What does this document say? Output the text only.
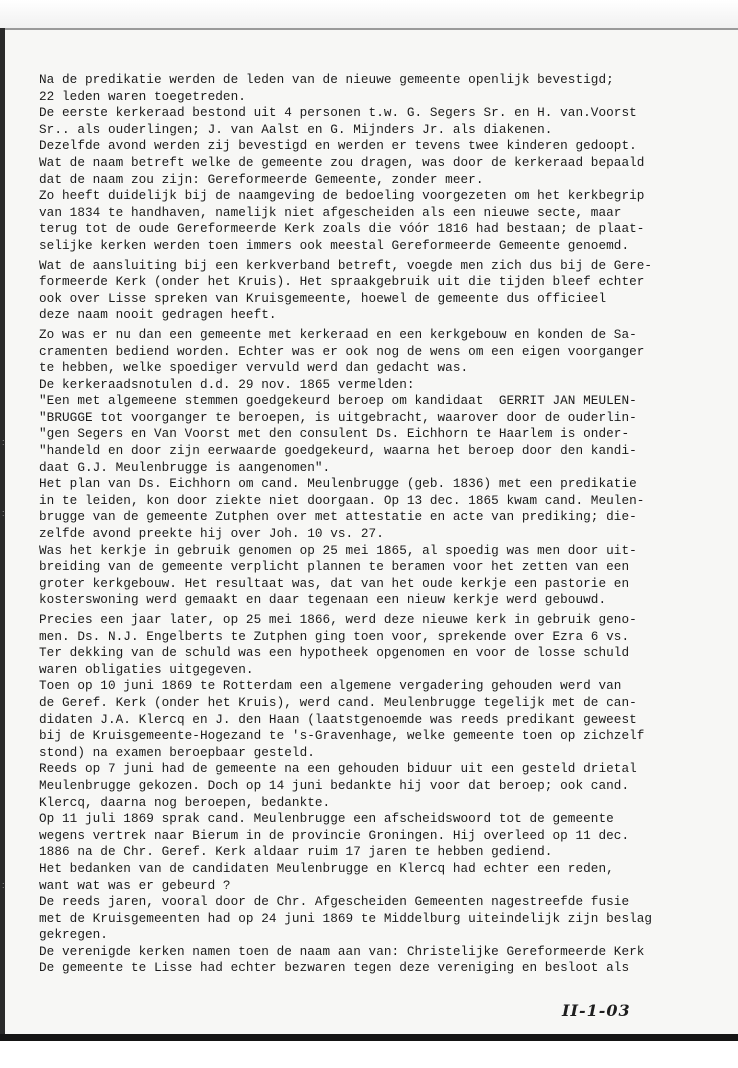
:
:
:
Na de predikatie werden de leden van de nieuwe gemeente openlijk bevestigd;
22 leden waren toegetreden.
De eerste kerkeraad bestond uit 4 personen t.w. G. Segers Sr. en H. van.Voorst
Sr.. als ouderlingen; J. van Aalst en G. Mijnders Jr. als diakenen.
Dezelfde avond werden zij bevestigd en werden er tevens twee kinderen gedoopt.
Wat de naam betreft welke de gemeente zou dragen, was door de kerkeraad bepaald
dat de naam zou zijn: Gereformeerde Gemeente, zonder meer.
Zo heeft duidelijk bij de naamgeving de bedoeling voorgezeten om het kerkbegrip
van 1834 te handhaven, namelijk niet afgescheiden als een nieuwe secte, maar
terug tot de oude Gereformeerde Kerk zoals die vóór 1816 had bestaan; de plaat-
selijke kerken werden toen immers ook meestal Gereformeerde Gemeente genoemd.
Wat de aansluiting bij een kerkverband betreft, voegde men zich dus bij de Gere-
formeerde Kerk (onder het Kruis). Het spraakgebruik uit die tijden bleef echter
ook over Lisse spreken van Kruisgemeente, hoewel de gemeente dus officieel
deze naam nooit gedragen heeft.
Zo was er nu dan een gemeente met kerkeraad en een kerkgebouw en konden de Sa-
cramenten bediend worden. Echter was er ook nog de wens om een eigen voorganger
te hebben, welke spoediger vervuld werd dan gedacht was.
De kerkeraadsnotulen d.d. 29 nov. 1865 vermelden:
"Een met algemeene stemmen goedgekeurd beroep om kandidaat  GERRIT JAN MEULEN-
"BRUGGE tot voorganger te beroepen, is uitgebracht, waarover door de ouderlin-
"gen Segers en Van Voorst met den consulent Ds. Eichhorn te Haarlem is onder-
"handeld en door zijn eerwaarde goedgekeurd, waarna het beroep door den kandi-
daat G.J. Meulenbrugge is aangenomen".
Het plan van Ds. Eichhorn om cand. Meulenbrugge (geb. 1836) met een predikatie
in te leiden, kon door ziekte niet doorgaan. Op 13 dec. 1865 kwam cand. Meulen-
brugge van de gemeente Zutphen over met attestatie en acte van prediking; die-
zelfde avond preekte hij over Joh. 10 vs. 27.
Was het kerkje in gebruik genomen op 25 mei 1865, al spoedig was men door uit-
breiding van de gemeente verplicht plannen te beramen voor het zetten van een
groter kerkgebouw. Het resultaat was, dat van het oude kerkje een pastorie en
kosterswoning werd gemaakt en daar tegenaan een nieuw kerkje werd gebouwd.
Precies een jaar later, op 25 mei 1866, werd deze nieuwe kerk in gebruik geno-
men. Ds. N.J. Engelberts te Zutphen ging toen voor, sprekende over Ezra 6 vs.
Ter dekking van de schuld was een hypotheek opgenomen en voor de losse schuld
waren obligaties uitgegeven.
Toen op 10 juni 1869 te Rotterdam een algemene vergadering gehouden werd van
de Geref. Kerk (onder het Kruis), werd cand. Meulenbrugge tegelijk met de can-
didaten J.A. Klercq en J. den Haan (laatstgenoemde was reeds predikant geweest
bij de Kruisgemeente-Hogezand te 's-Gravenhage, welke gemeente toen op zichzelf
stond) na examen beroepbaar gesteld.
Reeds op 7 juni had de gemeente na een gehouden biduur uit een gesteld drietal
Meulenbrugge gekozen. Doch op 14 juni bedankte hij voor dat beroep; ook cand.
Klercq, daarna nog beroepen, bedankte.
Op 11 juli 1869 sprak cand. Meulenbrugge een afscheidswoord tot de gemeente
wegens vertrek naar Bierum in de provincie Groningen. Hij overleed op 11 dec.
1886 na de Chr. Geref. Kerk aldaar ruim 17 jaren te hebben gediend.
Het bedanken van de candidaten Meulenbrugge en Klercq had echter een reden,
want wat was er gebeurd ?
De reeds jaren, vooral door de Chr. Afgescheiden Gemeenten nagestreefde fusie
met de Kruisgemeenten had op 24 juni 1869 te Middelburg uiteindelijk zijn beslag
gekregen.
De verenigde kerken namen toen de naam aan van: Christelijke Gereformeerde Kerk
De gemeente te Lisse had echter bezwaren tegen deze vereniging en besloot als
II-1-03
